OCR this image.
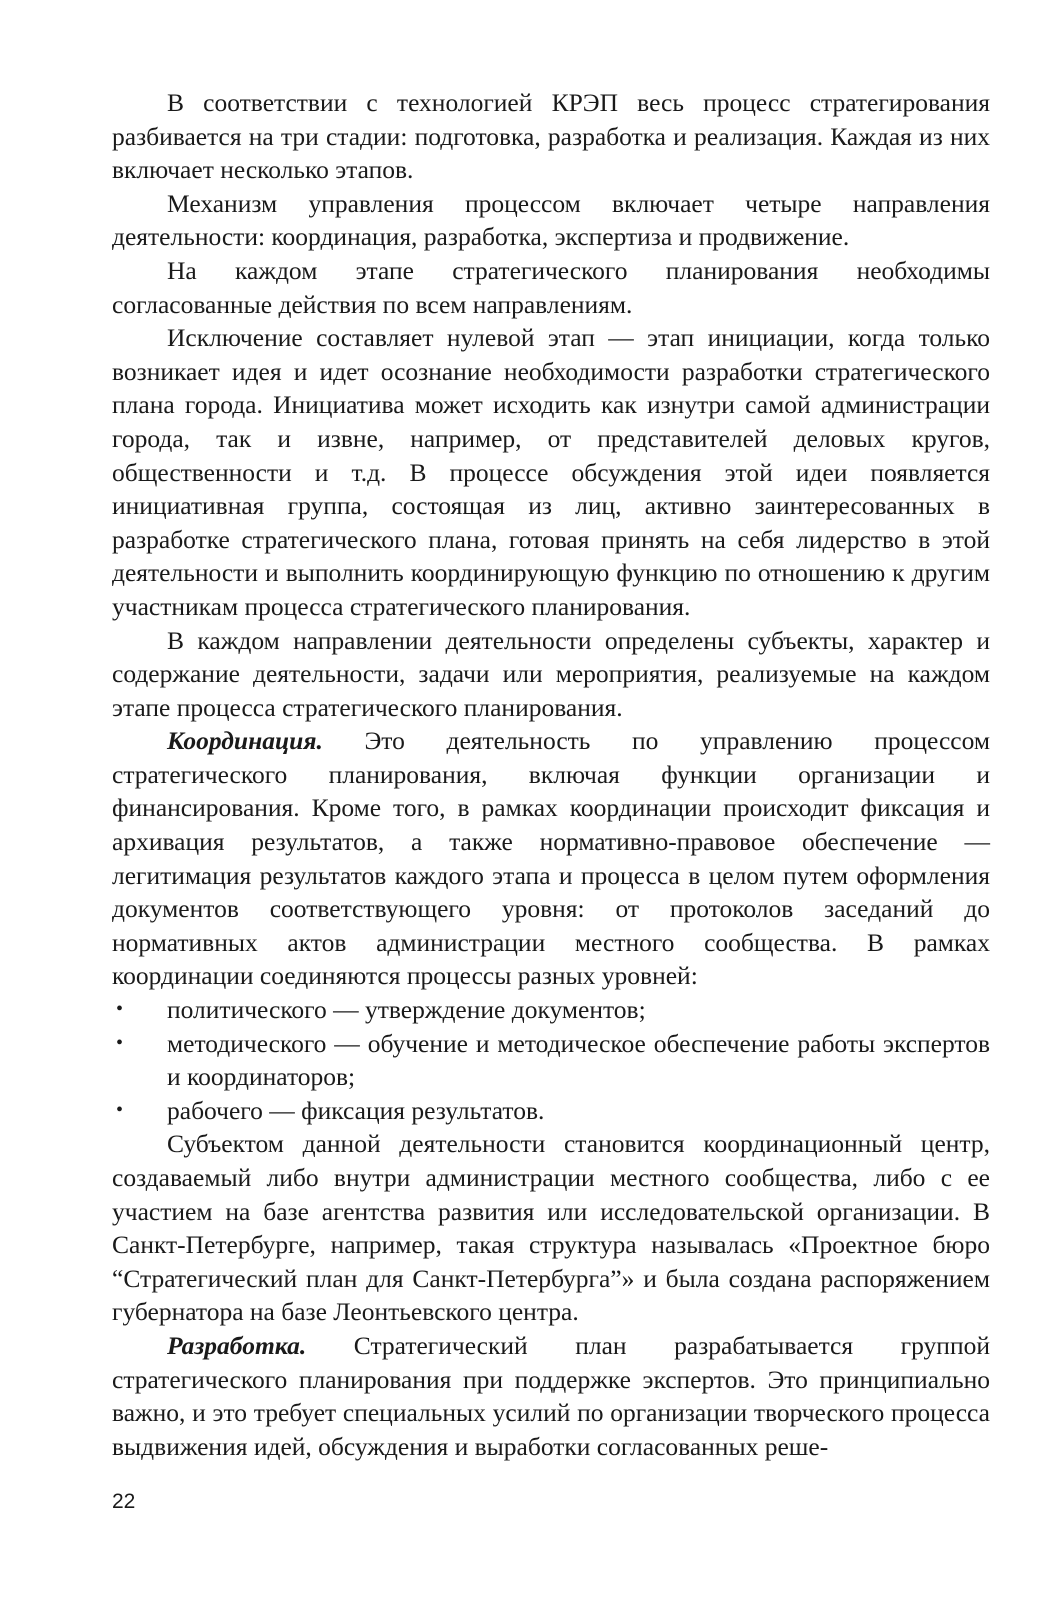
В соответствии с технологией КРЭП весь процесс стратегирования разбивается на три стадии: подготовка, разработка и реализация. Каждая из них включает несколько этапов.

Механизм управления процессом включает четыре направления деятельности: координация, разработка, экспертиза и продвижение.

На каждом этапе стратегического планирования необходимы согласованные действия по всем направлениям.

Исключение составляет нулевой этап — этап инициации, когда только возникает идея и идет осознание необходимости разработки стратегического плана города. Инициатива может исходить как изнутри самой администрации города, так и извне, например, от представителей деловых кругов, общественности и т.д. В процессе обсуждения этой идеи появляется инициативная группа, состоящая из лиц, активно заинтересованных в разработке стратегического плана, готовая принять на себя лидерство в этой деятельности и выполнить координирующую функцию по отношению к другим участникам процесса стратегического планирования.

В каждом направлении деятельности определены субъекты, характер и содержание деятельности, задачи или мероприятия, реализуемые на каждом этапе процесса стратегического планирования.

Координация. Это деятельность по управлению процессом стратегического планирования, включая функции организации и финансирования. Кроме того, в рамках координации происходит фиксация и архивация результатов, а также нормативно-правовое обеспечение — легитимация результатов каждого этапа и процесса в целом путем оформления документов соответствующего уровня: от протоколов заседаний до нормативных актов администрации местного сообщества. В рамках координации соединяются процессы разных уровней:

• политического — утверждение документов;
• методического — обучение и методическое обеспечение работы экспертов и координаторов;
• рабочего — фиксация результатов.

Субъектом данной деятельности становится координационный центр, создаваемый либо внутри администрации местного сообщества, либо с ее участием на базе агентства развития или исследовательской организации. В Санкт-Петербурге, например, такая структура называлась «Проектное бюро “Стратегический план для Санкт-Петербурга”» и была создана распоряжением губернатора на базе Леонтьевского центра.

Разработка. Стратегический план разрабатывается группой стратегического планирования при поддержке экспертов. Это принципиально важно, и это требует специальных усилий по организации творческого процесса выдвижения идей, обсуждения и выработки согласованных реше-

22
